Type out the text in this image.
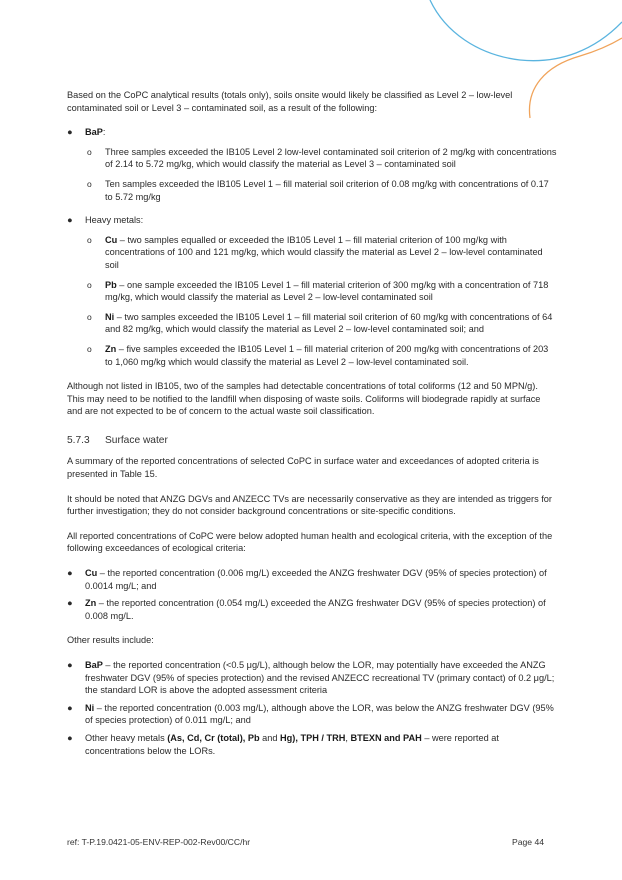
Based on the CoPC analytical results (totals only), soils onsite would likely be classified as Level 2 – low-level contaminated soil or Level 3 – contaminated soil, as a result of the following:

● BaP:

o Three samples exceeded the IB105 Level 2 low-level contaminated soil criterion of 2 mg/kg with concentrations of 2.14 to 5.72 mg/kg, which would classify the material as Level 3 – contaminated soil

o Ten samples exceeded the IB105 Level 1 – fill material soil criterion of 0.08 mg/kg with concentrations of 0.17 to 5.72 mg/kg

● Heavy metals:

o Cu – two samples equalled or exceeded the IB105 Level 1 – fill material criterion of 100 mg/kg with concentrations of 100 and 121 mg/kg, which would classify the material as Level 2 – low-level contaminated soil

o Pb – one sample exceeded the IB105 Level 1 – fill material criterion of 300 mg/kg with a concentration of 718 mg/kg, which would classify the material as Level 2 – low-level contaminated soil

o Ni – two samples exceeded the IB105 Level 1 – fill material soil criterion of 60 mg/kg with concentrations of 64 and 82 mg/kg, which would classify the material as Level 2 – low-level contaminated soil; and

o Zn – five samples exceeded the IB105 Level 1 – fill material criterion of 200 mg/kg with concentrations of 203 to 1,060 mg/kg which would classify the material as Level 2 – low-level contaminated soil.

Although not listed in IB105, two of the samples had detectable concentrations of total coliforms (12 and 50 MPN/g). This may need to be notified to the landfill when disposing of waste soils. Coliforms will biodegrade rapidly at surface and are not expected to be of concern to the actual waste soil classification.

5.7.3 Surface water

A summary of the reported concentrations of selected CoPC in surface water and exceedances of adopted criteria is presented in Table 15.

It should be noted that ANZG DGVs and ANZECC TVs are necessarily conservative as they are intended as triggers for further investigation; they do not consider background concentrations or site-specific conditions.

All reported concentrations of CoPC were below adopted human health and ecological criteria, with the exception of the following exceedances of ecological criteria:

● Cu – the reported concentration (0.006 mg/L) exceeded the ANZG freshwater DGV (95% of species protection) of 0.0014 mg/L; and

● Zn – the reported concentration (0.054 mg/L) exceeded the ANZG freshwater DGV (95% of species protection) of 0.008 mg/L.

Other results include:

● BaP – the reported concentration (<0.5 μg/L), although below the LOR, may potentially have exceeded the ANZG freshwater DGV (95% of species protection) and the revised ANZECC recreational TV (primary contact) of 0.2 μg/L; the standard LOR is above the adopted assessment criteria

● Ni – the reported concentration (0.003 mg/L), although above the LOR, was below the ANZG freshwater DGV (95% of species protection) of 0.011 mg/L; and

● Other heavy metals (As, Cd, Cr (total), Pb and Hg), TPH / TRH, BTEXN and PAH – were reported at concentrations below the LORs.

ref: T-P.19.0421-05-ENV-REP-002-Rev00/CC/hr	Page 44
